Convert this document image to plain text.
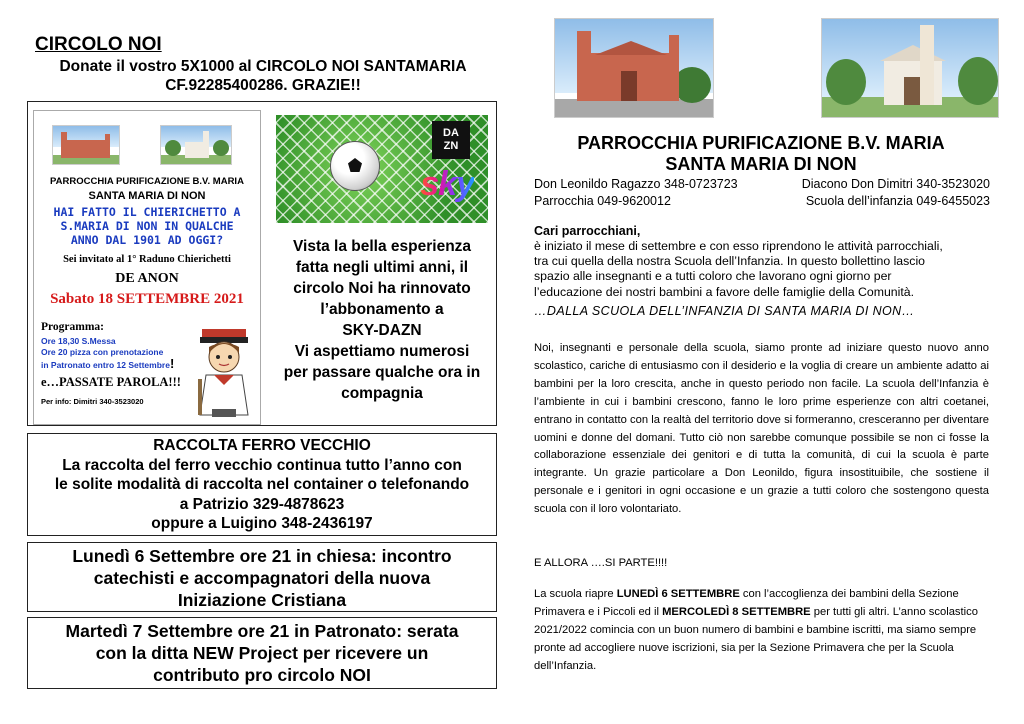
CIRCOLO NOI
Donate il vostro 5X1000 al CIRCOLO NOI SANTAMARIA
CF.92285400286. GRAZIE!!
PARROCCHIA PURIFICAZIONE B.V. MARIA
SANTA MARIA DI NON
HAI FATTO IL CHIERICHETTO A
S.MARIA DI NON IN QUALCHE
ANNO DAL 1901 AD OGGI?
Sei invitato al 1° Raduno Chierichetti
DE ANON
Sabato 18 SETTEMBRE 2021
Programma:
Ore 18,30 S.Messa
Ore 20 pizza con prenotazione
in Patronato entro 12 Settembre!
e…PASSATE PAROLA!!!
Per info: Dimitri 340-3523020
DA
ZN
sky
Vista la bella esperienza
fatta negli ultimi anni, il
circolo Noi ha rinnovato
l’abbonamento a
SKY-DAZN
Vi aspettiamo numerosi
per passare qualche ora in
compagnia
RACCOLTA FERRO VECCHIO
La raccolta del ferro vecchio continua tutto l’anno con
le solite modalità di raccolta nel container o telefonando
a Patrizio 329-4878623
oppure a Luigino 348-2436197
Lunedì 6 Settembre ore 21 in chiesa: incontro
catechisti e accompagnatori della nuova
Iniziazione Cristiana
Martedì 7 Settembre ore 21 in Patronato: serata
con la ditta NEW Project per ricevere un
contributo pro circolo NOI
PARROCCHIA PURIFICAZIONE B.V. MARIA
SANTA MARIA DI NON
Don Leonildo Ragazzo 348-0723723	Diacono Don Dimitri 340-3523020
Parrocchia 049-9620012	Scuola dell’infanzia 049-6455023
Cari parrocchiani,
è iniziato il mese di settembre e con esso riprendono le attività parrocchiali,
tra cui quella della nostra Scuola dell’Infanzia. In questo bollettino lascio
spazio alle insegnanti e a tutti coloro che lavorano ogni giorno per
l’educazione dei nostri bambini a favore delle famiglie della Comunità.
…DALLA SCUOLA DELL’INFANZIA DI SANTA MARIA DI NON…
Noi, insegnanti e personale della scuola, siamo pronte ad iniziare questo nuovo anno scolastico, cariche di entusiasmo con il desiderio e la voglia di creare un ambiente adatto ai bambini per la loro crescita, anche in questo periodo non facile. La scuola dell’Infanzia è l’ambiente in cui i bambini crescono, fanno le loro prime esperienze con altri coetanei, entrano in contatto con la realtà del territorio dove si formeranno, cresceranno per diventare uomini e donne del domani. Tutto ciò non sarebbe comunque possibile se non ci fosse la collaborazione essenziale dei genitori e di tutta la comunità, di cui la scuola è parte integrante. Un grazie particolare a Don Leonildo, figura insostituibile, che sostiene il personale e i genitori in ogni occasione e un grazie a tutti coloro che sostengono questa scuola con il loro volontariato.
E ALLORA ….SI PARTE!!!!
La scuola riapre LUNEDÌ 6 SETTEMBRE con l’accoglienza dei bambini della Sezione Primavera e i Piccoli ed il MERCOLEDÌ 8 SETTEMBRE per tutti gli altri. L’anno scolastico 2021/2022 comincia con un buon numero di bambini e bambine iscritti, ma siamo sempre pronte ad accogliere nuove iscrizioni, sia per la Sezione Primavera che per la Scuola dell’Infanzia.
